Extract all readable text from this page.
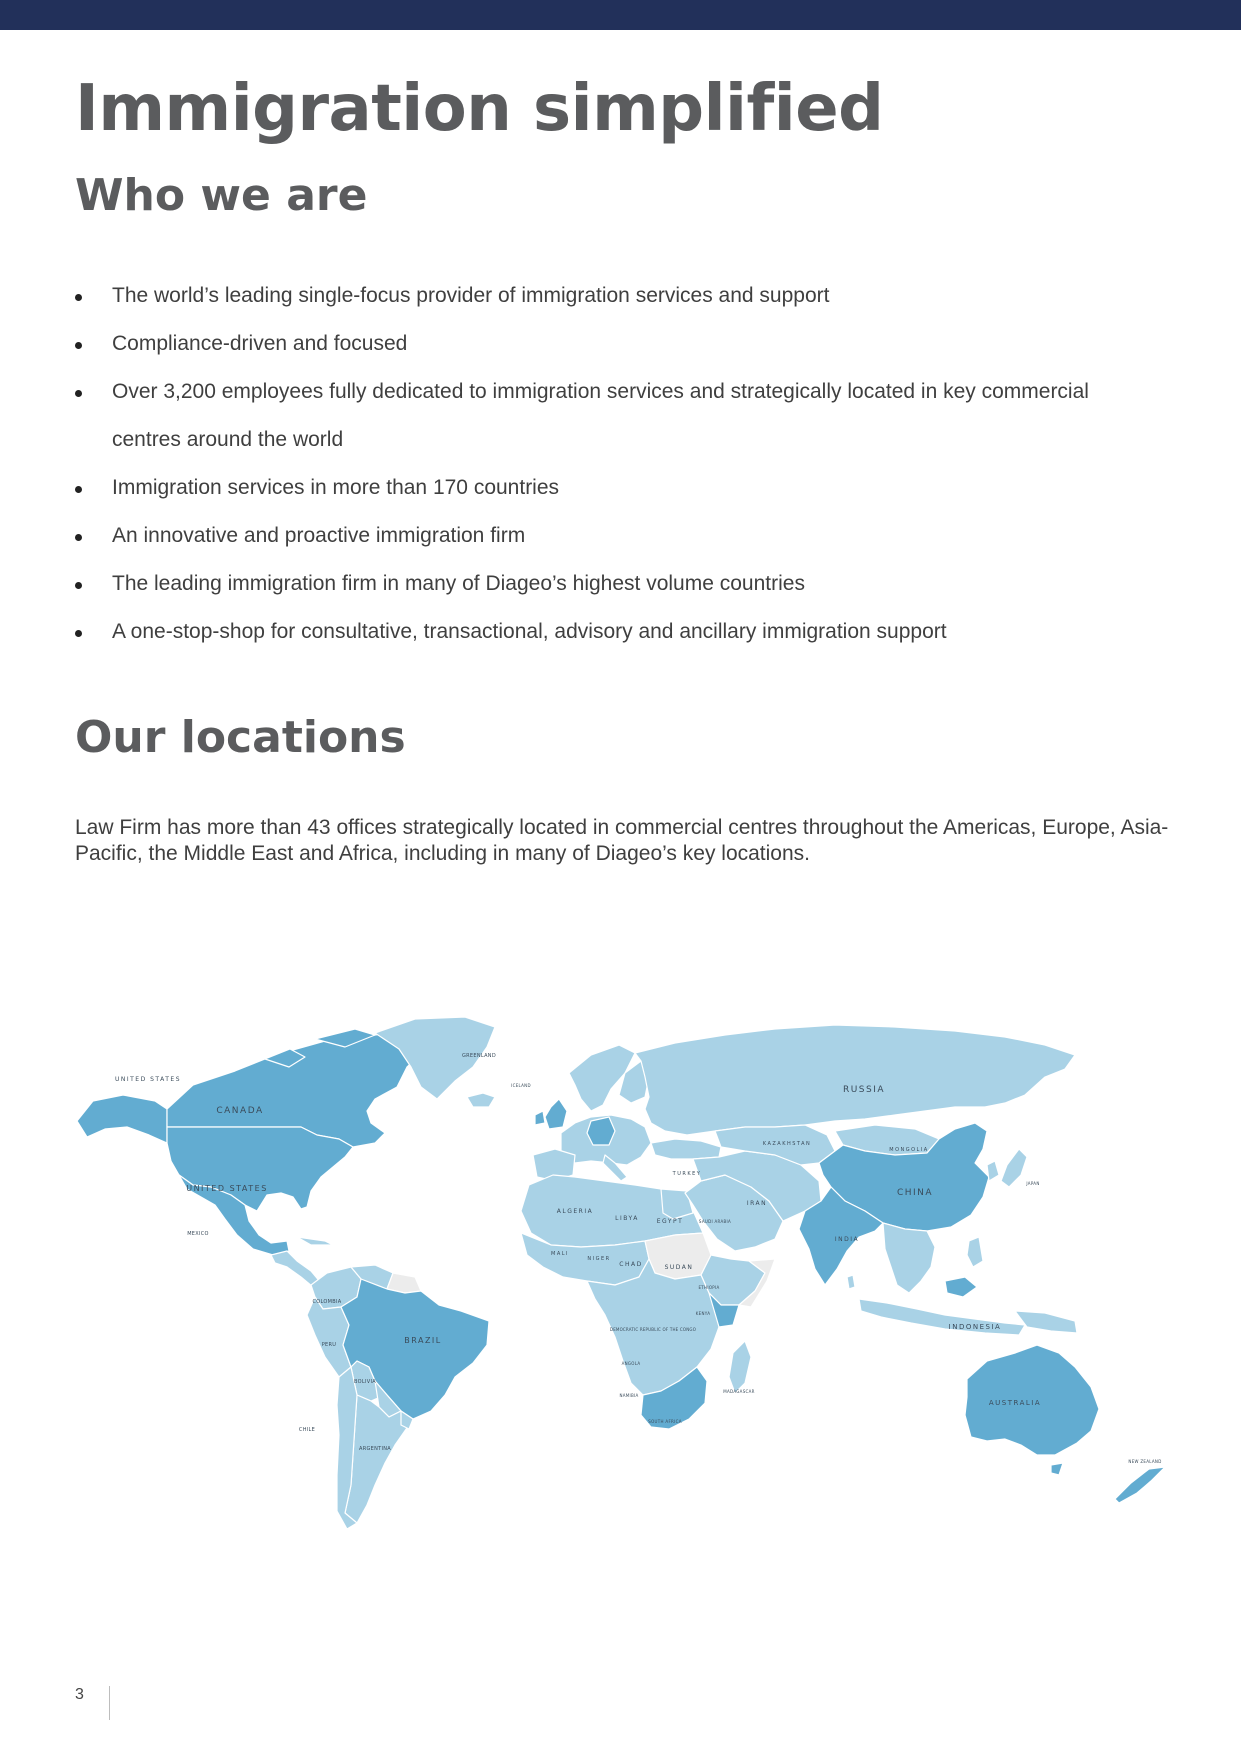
Immigration simplified
Who we are
The world’s leading single-focus provider of immigration services and support
Compliance-driven and focused
Over 3,200 employees fully dedicated to immigration services and strategically located in key commercial centres around the world
Immigration services in more than 170 countries
An innovative and proactive immigration firm
The leading immigration firm in many of Diageo’s highest volume countries
A one-stop-shop for consultative, transactional, advisory and ancillary immigration support
Our locations

Law Firm has more than 43 offices strategically located in commercial centres throughout the Americas, Europe, Asia-Pacific, the Middle East and Africa, including in many of Diageo’s key locations.

UNITED STATES
CANADA
UNITED STATES
MEXICO
GREENLAND
ICELAND	RUSSIA
KAZAKHSTAN
MONGOLIA
CHINA
INDIA
IRAN
TURKEY
SAUDI ARABIA
JAPAN
ALGERIA
LIBYA	EGYPT
MALI
NIGER
CHAD	SUDAN
ETHIOPIA
KENYA
DEMOCRATIC REPUBLIC OF THE CONGO
ANGOLA
NAMIBIA
SOUTH AFRICA
MADAGASCAR
COLOMBIA
PERU	BRAZIL
BOLIVIA
ARGENTINA
CHILE
INDONESIA
AUSTRALIA
NEW ZEALAND
3
